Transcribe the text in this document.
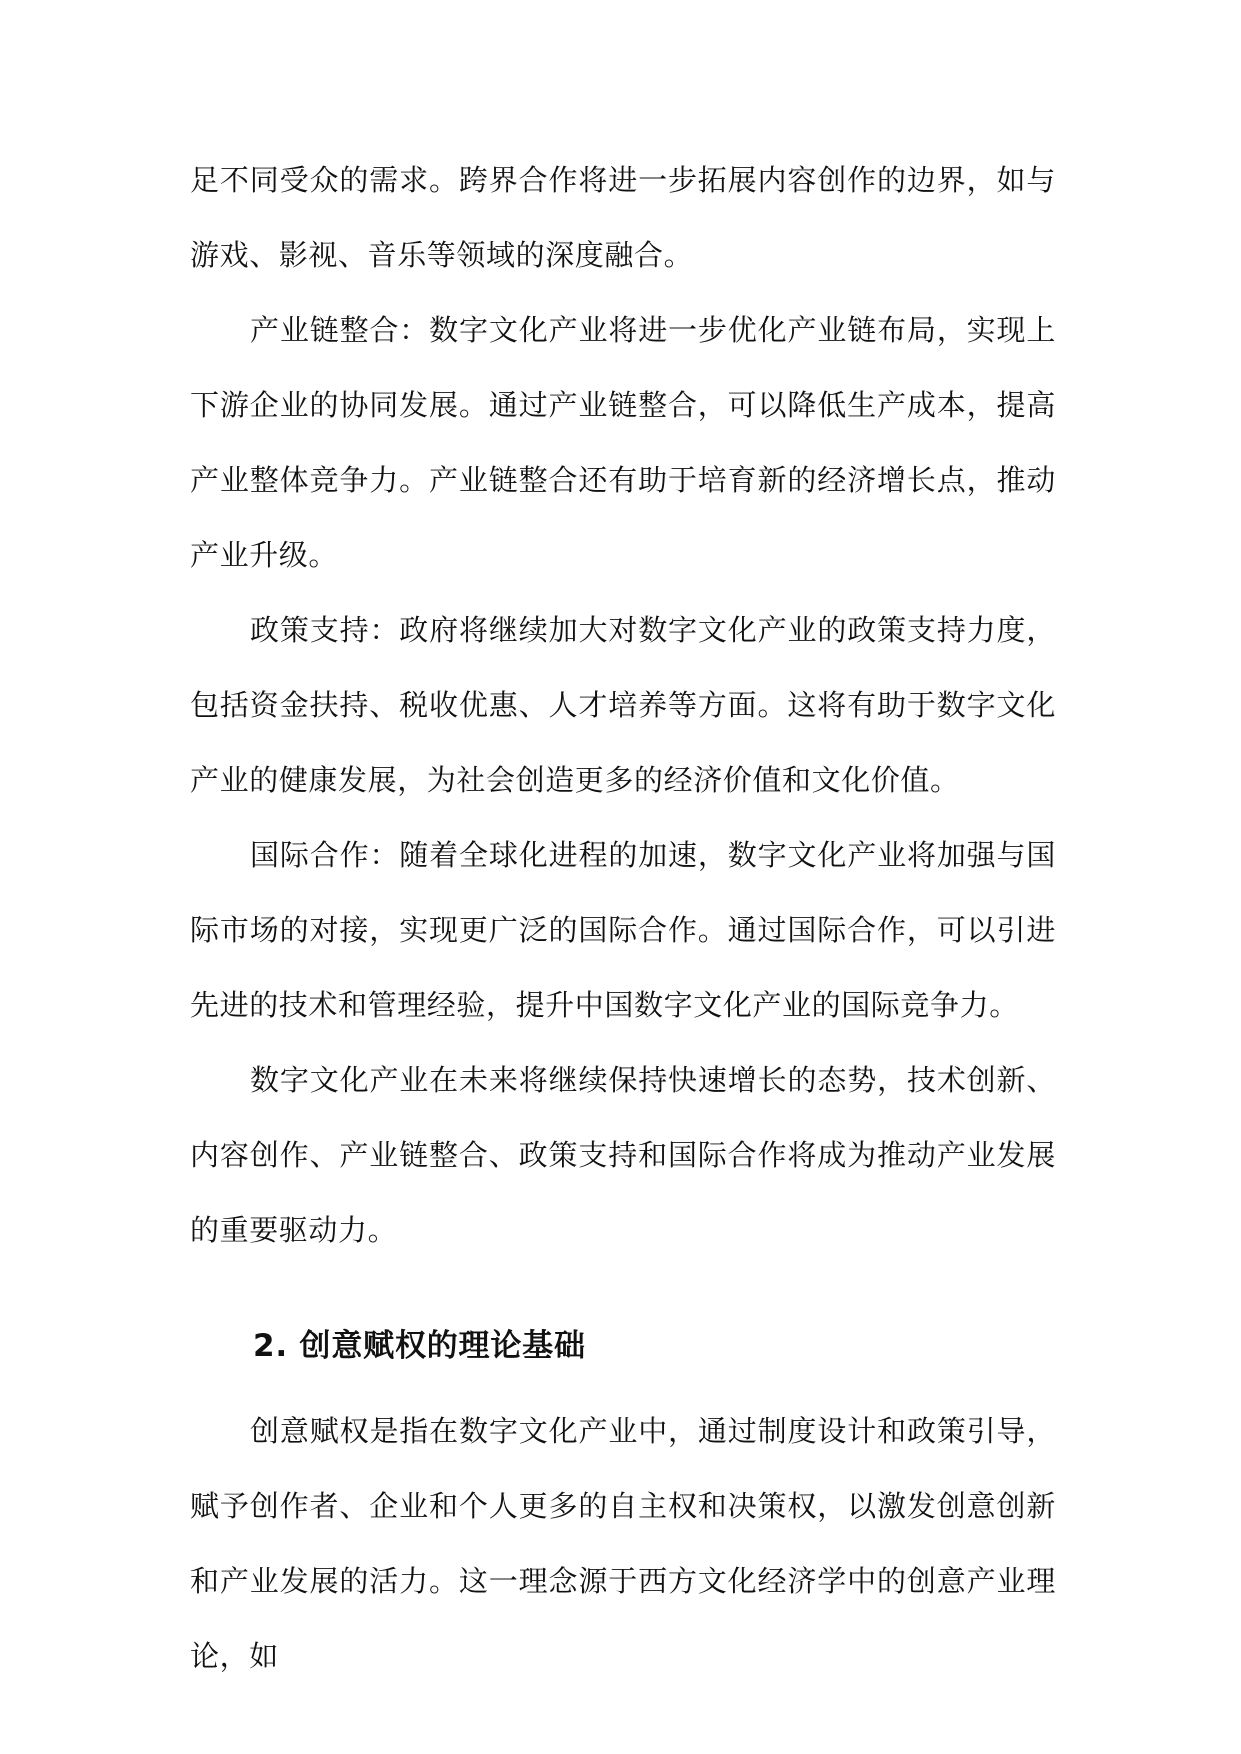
足不同受众的需求。跨界合作将进一步拓展内容创作的边界，如与游戏、影视、音乐等领域的深度融合。

产业链整合：数字文化产业将进一步优化产业链布局，实现上下游企业的协同发展。通过产业链整合，可以降低生产成本，提高产业整体竞争力。产业链整合还有助于培育新的经济增长点，推动产业升级。

政策支持：政府将继续加大对数字文化产业的政策支持力度，包括资金扶持、税收优惠、人才培养等方面。这将有助于数字文化产业的健康发展，为社会创造更多的经济价值和文化价值。

国际合作：随着全球化进程的加速，数字文化产业将加强与国际市场的对接，实现更广泛的国际合作。通过国际合作，可以引进先进的技术和管理经验，提升中国数字文化产业的国际竞争力。

数字文化产业在未来将继续保持快速增长的态势，技术创新、内容创作、产业链整合、政策支持和国际合作将成为推动产业发展的重要驱动力。

2. 创意赋权的理论基础

创意赋权是指在数字文化产业中，通过制度设计和政策引导，赋予创作者、企业和个人更多的自主权和决策权，以激发创意创新和产业发展的活力。这一理念源于西方文化经济学中的创意产业理论，如
